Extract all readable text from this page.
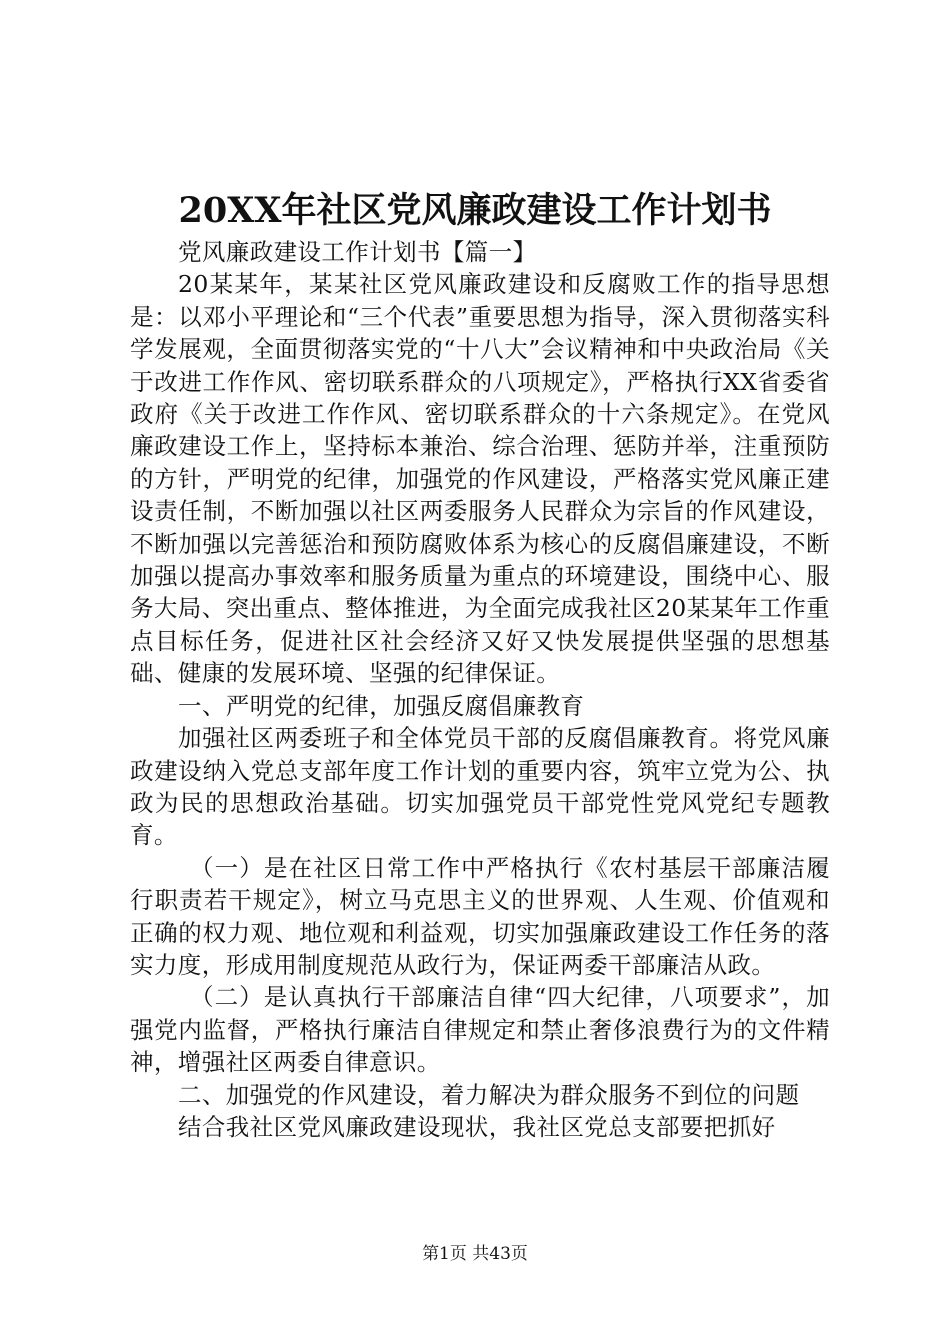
20XX年社区党风廉政建设工作计划书

党风廉政建设工作计划书【篇一】

20某某年，某某社区党风廉政建设和反腐败工作的指导思想是：以邓小平理论和“三个代表”重要思想为指导，深入贯彻落实科学发展观，全面贯彻落实党的“十八大”会议精神和中央政治局《关于改进工作作风、密切联系群众的八项规定》，严格执行XX省委省政府《关于改进工作作风、密切联系群众的十六条规定》。在党风廉政建设工作上，坚持标本兼治、综合治理、惩防并举，注重预防的方针，严明党的纪律，加强党的作风建设，严格落实党风廉正建设责任制，不断加强以社区两委服务人民群众为宗旨的作风建设，不断加强以完善惩治和预防腐败体系为核心的反腐倡廉建设，不断加强以提高办事效率和服务质量为重点的环境建设，围绕中心、服务大局、突出重点、整体推进，为全面完成我社区20某某年工作重点目标任务，促进社区社会经济又好又快发展提供坚强的思想基础、健康的发展环境、坚强的纪律保证。

一、严明党的纪律，加强反腐倡廉教育

加强社区两委班子和全体党员干部的反腐倡廉教育。将党风廉政建设纳入党总支部年度工作计划的重要内容，筑牢立党为公、执政为民的思想政治基础。切实加强党员干部党性党风党纪专题教育。

（一）是在社区日常工作中严格执行《农村基层干部廉洁履行职责若干规定》，树立马克思主义的世界观、人生观、价值观和正确的权力观、地位观和利益观，切实加强廉政建设工作任务的落实力度，形成用制度规范从政行为，保证两委干部廉洁从政。

（二）是认真执行干部廉洁自律“四大纪律，八项要求”，加强党内监督，严格执行廉洁自律规定和禁止奢侈浪费行为的文件精神，增强社区两委自律意识。

二、加强党的作风建设，着力解决为群众服务不到位的问题

结合我社区党风廉政建设现状，我社区党总支部要把抓好

第1页 共43页
